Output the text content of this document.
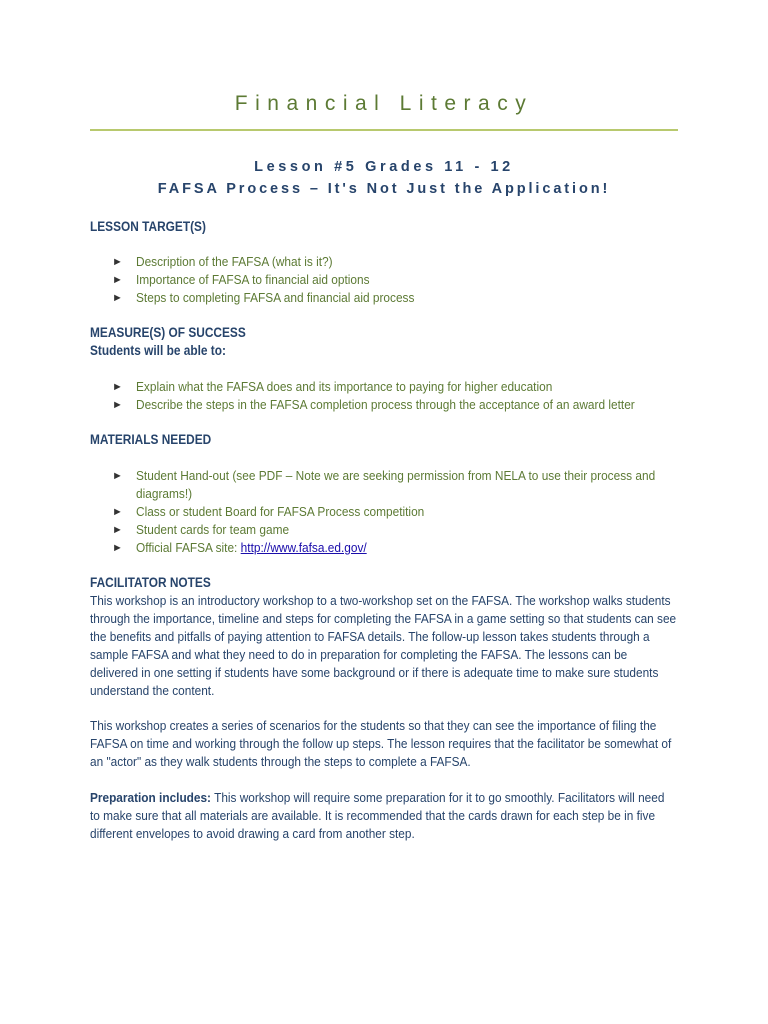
Financial Literacy
Lesson #5 Grades 11 - 12
FAFSA Process – It's Not Just the Application!
LESSON TARGET(S)
► Description of the FAFSA (what is it?)
► Importance of FAFSA to financial aid options
► Steps to completing FAFSA and financial aid process
MEASURE(S) OF SUCCESS
Students will be able to:
► Explain what the FAFSA does and its importance to paying for higher education
► Describe the steps in the FAFSA completion process through the acceptance of an award letter
MATERIALS NEEDED
► Student Hand-out (see PDF – Note we are seeking permission from NELA to use their process and diagrams!)
► Class or student Board for FAFSA Process competition
► Student cards for team game
► Official FAFSA site: http://www.fafsa.ed.gov/
FACILITATOR NOTES
This workshop is an introductory workshop to a two-workshop set on the FAFSA. The workshop walks students through the importance, timeline and steps for completing the FAFSA in a game setting so that students can see the benefits and pitfalls of paying attention to FAFSA details. The follow-up lesson takes students through a sample FAFSA and what they need to do in preparation for completing the FAFSA. The lessons can be delivered in one setting if students have some background or if there is adequate time to make sure students understand the content.
This workshop creates a series of scenarios for the students so that they can see the importance of filing the FAFSA on time and working through the follow up steps. The lesson requires that the facilitator be somewhat of an "actor" as they walk students through the steps to complete a FAFSA.
Preparation includes: This workshop will require some preparation for it to go smoothly. Facilitators will need to make sure that all materials are available. It is recommended that the cards drawn for each step be in five different envelopes to avoid drawing a card from another step.
